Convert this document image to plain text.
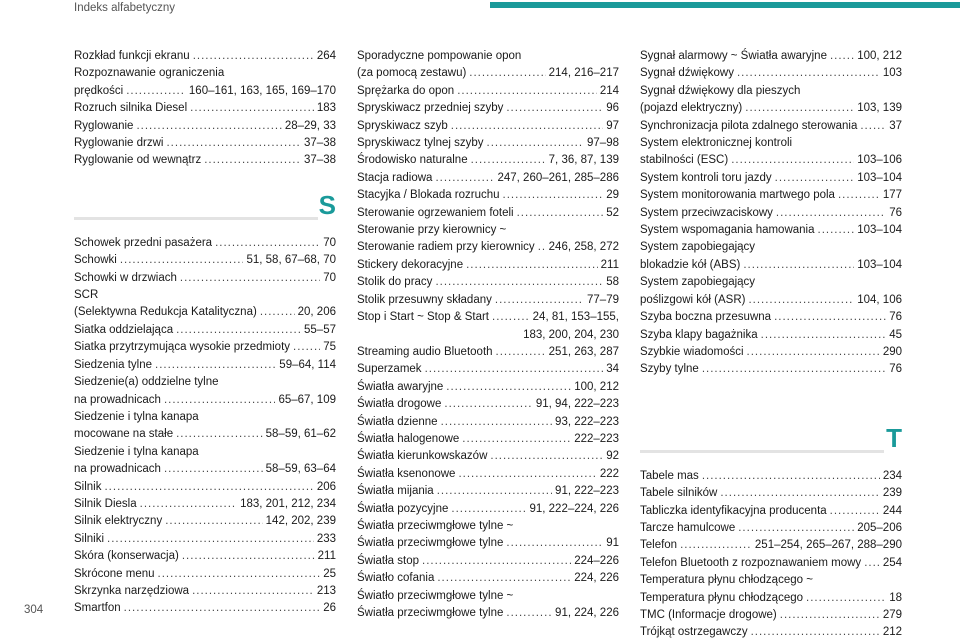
Indeks alfabetyczny
Rozkład funkcji ekranu .....	264
Rozpoznawanie ograniczenia
prędkości .....	160–161, 163, 165, 169–170
Rozruch silnika Diesel .....	183
Ryglowanie .....	28–29, 33
Ryglowanie drzwi .....	37–38
Ryglowanie od wewnątrz .....	37–38
S
Schowek przedni pasażera .....	70
Schowki .....	51, 58, 67–68, 70
Schowki w drzwiach .....	70
SCR
(Selektywna Redukcja Katalityczna) .....	20, 206
Siatka oddzielająca .....	55–57
Siatka przytrzymująca wysokie przedmioty .....	75
Siedzenia tylne .....	59–64, 114
Siedzenie(a) oddzielne tylne
na prowadnicach .....	65–67, 109
Siedzenie i tylna kanapa
mocowane na stałe .....	58–59, 61–62
Siedzenie i tylna kanapa
na prowadnicach .....	58–59, 63–64
Silnik .....	206
Silnik Diesla .....	183, 201, 212, 234
Silnik elektryczny .....	142, 202, 239
Silniki .....	233
Skóra (konserwacja) .....	211
Skrócone menu .....	25
Skrzynka narzędziowa .....	213
Smartfon .....	26
Sporadyczne pompowanie opon
(za pomocą zestawu) .....	214, 216–217
Sprężarka do opon .....	214
Spryskiwacz przedniej szyby .....	96
Spryskiwacz szyb .....	97
Spryskiwacz tylnej szyby .....	97–98
Środowisko naturalne .....	7, 36, 87, 139
Stacja radiowa .....	247, 260–261, 285–286
Stacyjka / Blokada rozruchu .....	29
Sterowanie ogrzewaniem foteli .....	52
Sterowanie przy kierownicy ~
Sterowanie radiem przy kierownicy ..... 246, 258, 272
Stickery dekoracyjne .....	211
Stolik do pracy .....	58
Stolik przesuwny składany .....	77–79
Stop i Start ~ Stop & Start .....	24, 81, 153–155,
183, 200, 204, 230
Streaming audio Bluetooth .....	251, 263, 287
Superzamek .....	34
Światła awaryjne .....	100, 212
Światła drogowe .....	91, 94, 222–223
Światła dzienne .....	93, 222–223
Światła halogenowe .....	222–223
Światła kierunkowskazów .....	92
Światła ksenonowe .....	222
Światła mijania .....	91, 222–223
Światła pozycyjne .....	91, 222–224, 226
Światła przeciwmgłowe tylne ~
Światła przeciwmgłowe tylne .....	91
Światła stop .....	224–226
Światło cofania .....	224, 226
Światło przeciwmgłowe tylne ~
Światła przeciwmgłowe tylne .....	91, 224, 226
Sygnał alarmowy ~ Światła awaryjne .....	100, 212
Sygnał dźwiękowy .....	103
Sygnał dźwiękowy dla pieszych
(pojazd elektryczny) .....	103, 139
Synchronizacja pilota zdalnego sterowania .....	37
System elektronicznej kontroli
stabilności (ESC) .....	103–106
System kontroli toru jazdy .....	103–104
System monitorowania martwego pola .....	177
System przeciwzaciskowy .....	76
System wspomagania hamowania .....	103–104
System zapobiegający
blokadzie kół (ABS) .....	103–104
System zapobiegający
poślizgowi kół (ASR) .....	104, 106
Szyba boczna przesuwna .....	76
Szyba klapy bagażnika .....	45
Szybkie wiadomości .....	290
Szyby tylne .....	76
T
Tabele mas .....	234
Tabele silników .....	239
Tabliczka identyfikacyjna producenta .....	244
Tarcze hamulcowe .....	205–206
Telefon .....	251–254, 265–267, 288–290
Telefon Bluetooth z rozpoznawaniem mowy ..... 254
Temperatura płynu chłodzącego ~
Temperatura płynu chłodzącego .....	18
TMC (Informacje drogowe) .....	279
Trójkąt ostrzegawczy .....	212
304
